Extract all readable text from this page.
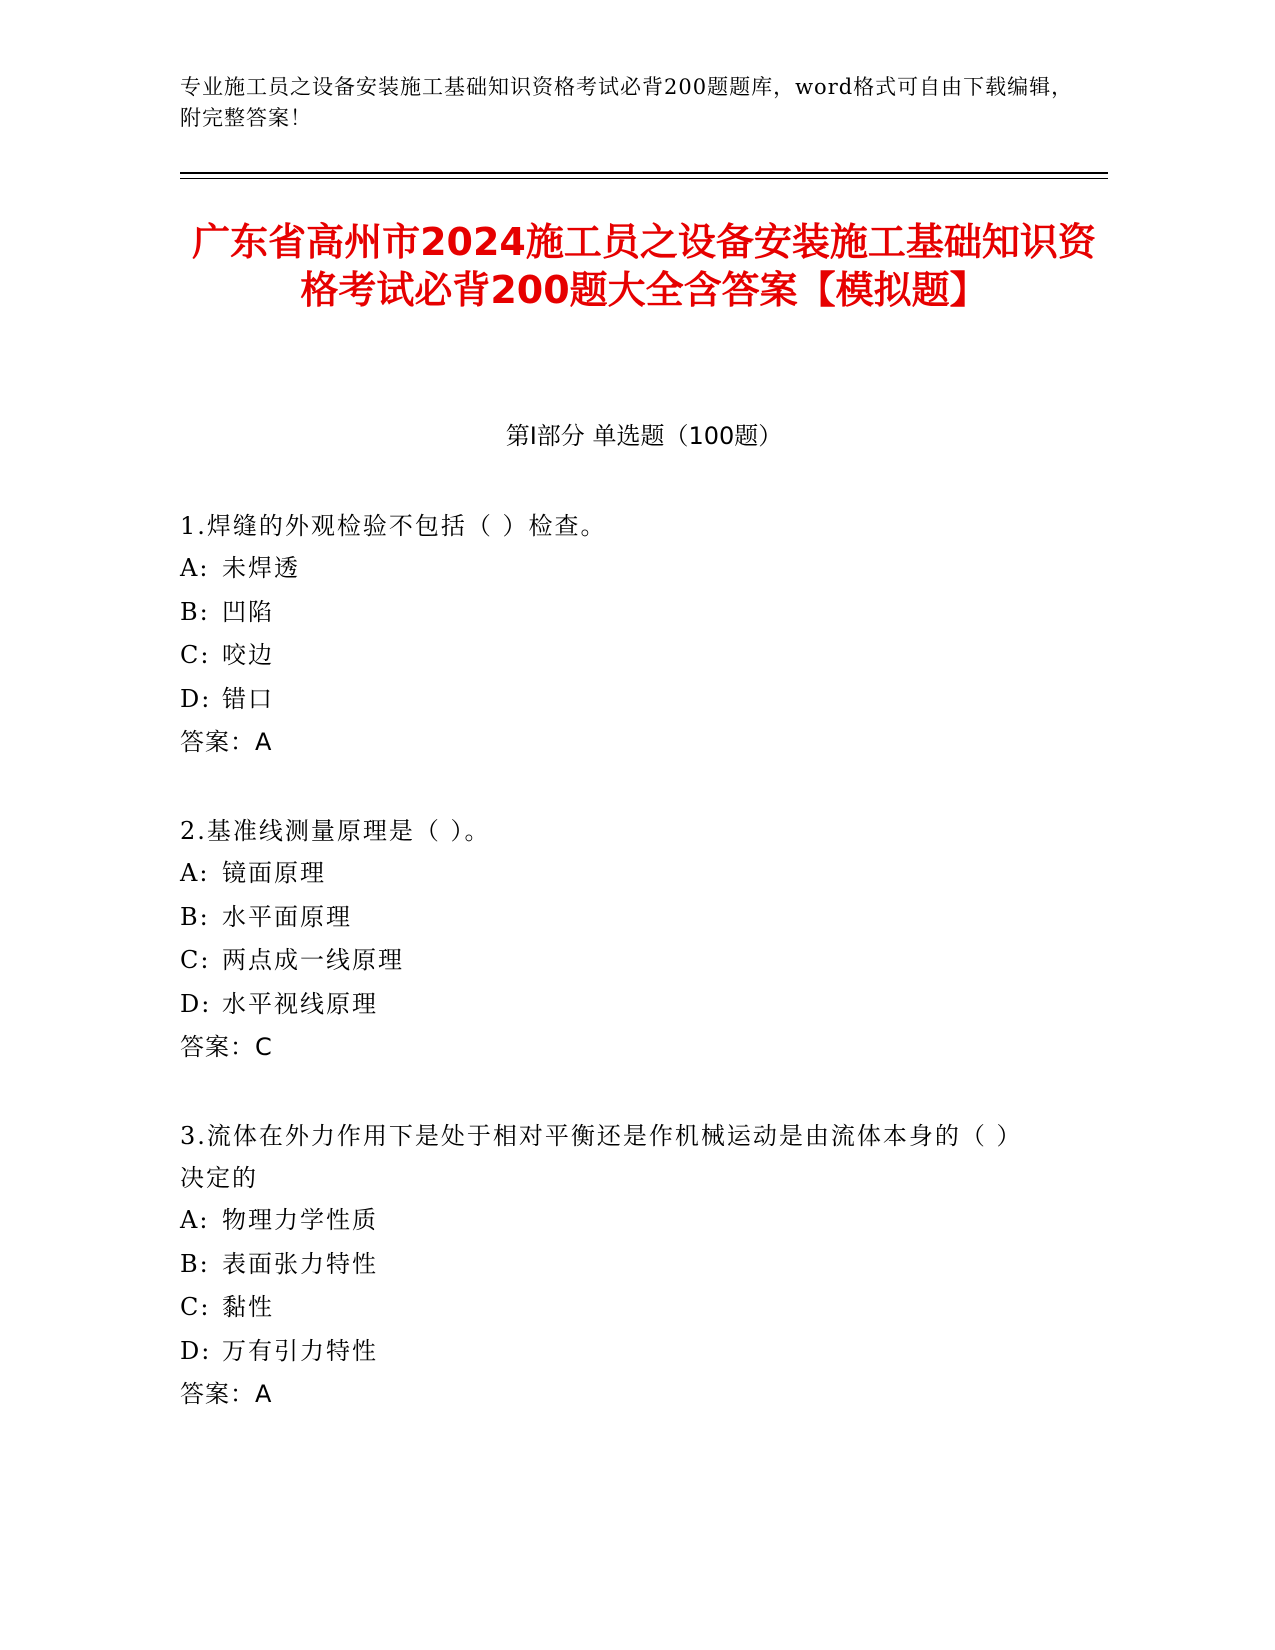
专业施工员之设备安装施工基础知识资格考试必背200题题库，word格式可自由下载编辑，附完整答案！
广东省高州市2024施工员之设备安装施工基础知识资格考试必背200题大全含答案【模拟题】
第I部分 单选题（100题）
1.焊缝的外观检验不包括（ ）检查。
A: 未焊透
B: 凹陷
C: 咬边
D: 错口
答案：A
2.基准线测量原理是（ ）。
A: 镜面原理
B: 水平面原理
C: 两点成一线原理
D: 水平视线原理
答案：C
3.流体在外力作用下是处于相对平衡还是作机械运动是由流体本身的（ ）决定的
A: 物理力学性质
B: 表面张力特性
C: 黏性
D: 万有引力特性
答案：A
